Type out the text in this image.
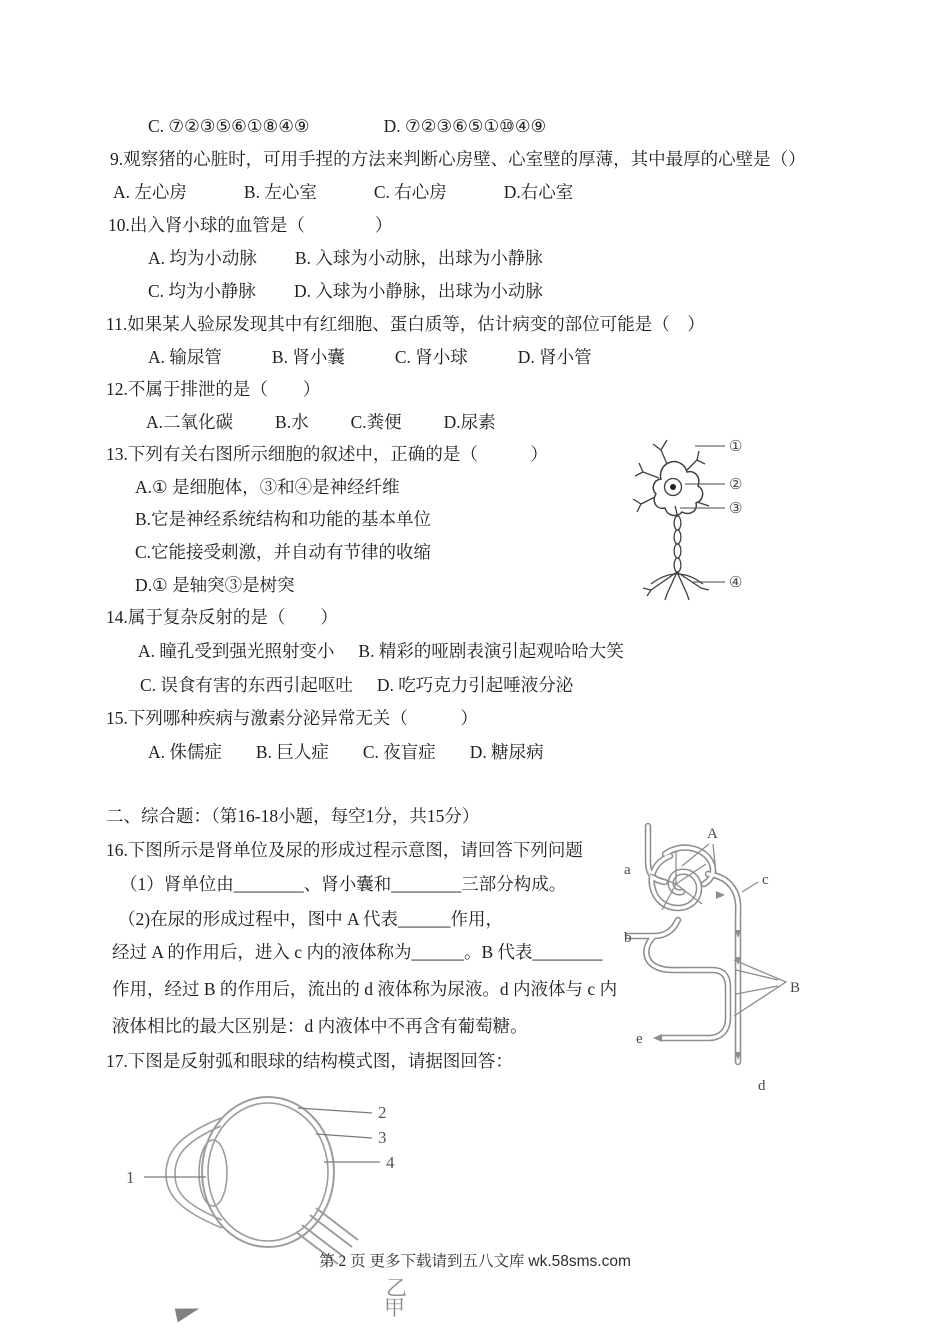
C. ⑦②③⑤⑥①⑧④⑨	D. ⑦②③⑥⑤①⑩④⑨
9.观察猪的心脏时，可用手捏的方法来判断心房壁、心室壁的厚薄，其中最厚的心壁是（）
A. 左心房	B. 左心室	C. 右心房	D.右心室
10.出入肾小球的血管是（　　　　）
A. 均为小动脉 B. 入球为小动脉，出球为小静脉
C. 均为小静脉 D. 入球为小静脉，出球为小动脉
11.如果某人验尿发现其中有红细胞、蛋白质等，估计病变的部位可能是（　）
A. 输尿管	B. 肾小囊	C. 肾小球	D. 肾小管
12.不属于排泄的是（　　）
A.二氧化碳 B.水 C.粪便 D.尿素
13.下列有关右图所示细胞的叙述中，正确的是（　　　）
A.① 是细胞体，③和④是神经纤维
B.它是神经系统结构和功能的基本单位
C.它能接受刺激，并自动有节律的收缩
D.① 是轴突③是树突
14.属于复杂反射的是（　　）
A. 瞳孔受到强光照射变小 B. 精彩的哑剧表演引起观哈哈大笑
C. 误食有害的东西引起呕吐 D. 吃巧克力引起唾液分泌
15.下列哪种疾病与激素分泌异常无关（　　　）
A. 侏儒症 B. 巨人症 C. 夜盲症 D. 糖尿病
二、综合题：（第16-18小题，每空1分，共15分）
16.下图所示是肾单位及尿的形成过程示意图，请回答下列问题
（1）肾单位由________、肾小囊和________三部分构成。
（2)在尿的形成过程中，图中 A 代表______作用，
经过 A 的作用后，进入 c 内的液体称为______。B 代表________
作用，经过 B 的作用后，流出的 d 液体称为尿液。d 内液体与 c 内
液体相比的最大区别是：d 内液体中不再含有葡萄糖。
17.下图是反射弧和眼球的结构模式图，请据图回答：
①
②
③
④
a
A
c
b
B
e
d
1
2
3
4
第 2 页 更多下载请到五八文库 wk.58sms.com
乙
甲
